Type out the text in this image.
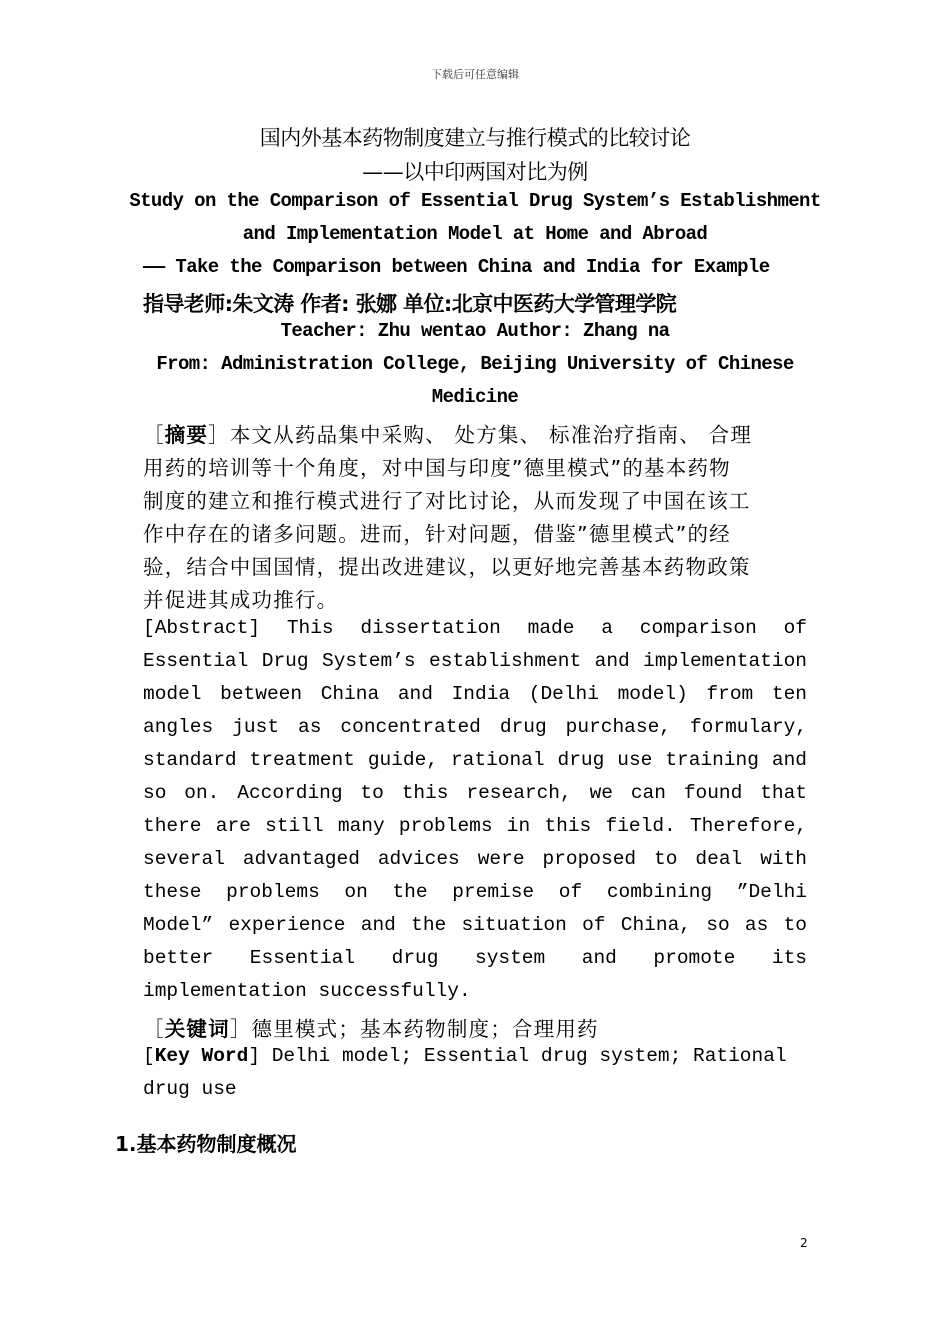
下载后可任意编辑
国内外基本药物制度建立与推行模式的比较讨论
——以中印两国对比为例
Study on the Comparison of Essential Drug System’s Establishment
and Implementation Model at Home and Abroad
—— Take the Comparison between China and India for Example
指导老师:朱文涛 作者: 张娜 单位:北京中医药大学管理学院
Teacher: Zhu wentao Author: Zhang na
From: Administration College, Beijing University of Chinese
Medicine
［摘要］本文从药品集中采购、 处方集、 标准治疗指南、 合理
用药的培训等十个角度，对中国与印度”德里模式”的基本药物
制度的建立和推行模式进行了对比讨论，从而发现了中国在该工
作中存在的诸多问题。进而，针对问题，借鉴”德里模式”的经
验，结合中国国情，提出改进建议，以更好地完善基本药物政策
并促进其成功推行。
[Abstract] This dissertation made a comparison of
Essential Drug System’s establishment and implementation
model between China and India (Delhi model) from ten
angles just as concentrated drug purchase, formulary,
standard treatment guide, rational drug use training and
so on. According to this research, we can found that
there are still many problems in this field. Therefore,
several advantaged advices were proposed to deal with
these problems on the premise of combining ”Delhi
Model” experience and the situation of China, so as to
better Essential drug system and promote its
implementation successfully.
［关键词］德里模式；基本药物制度；合理用药
[Key Word] Delhi model; Essential drug system; Rational
drug use
1.基本药物制度概况
2
